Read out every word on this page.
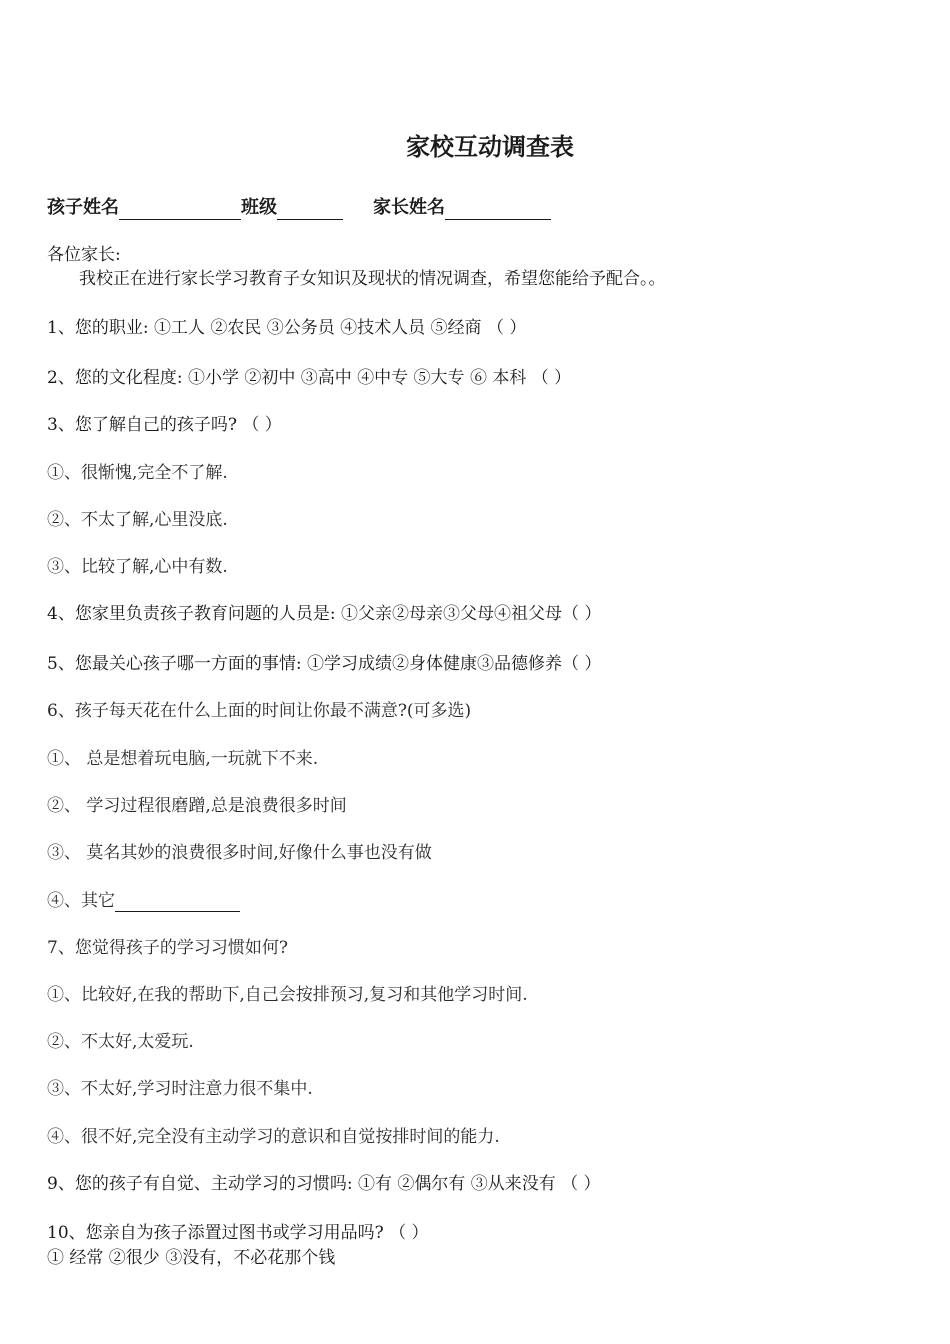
家校互动调查表
孩子姓名	班级	家长姓名
各位家长:
我校正在进行家长学习教育子女知识及现状的情况调查，希望您能给予配合。。
1、您的职业: ①工人 ②农民 ③公务员 ④技术人员 ⑤经商 （ ）
2、您的文化程度: ①小学 ②初中 ③高中 ④中专 ⑤大专 ⑥ 本科 （ ）
3、您了解自己的孩子吗? （ ）
①、很惭愧,完全不了解.
②、不太了解,心里没底.
③、比较了解,心中有数.
4、您家里负责孩子教育问题的人员是: ①父亲②母亲③父母④祖父母（ ）
5、您最关心孩子哪一方面的事情: ①学习成绩②身体健康③品德修养（ ）
6、孩子每天花在什么上面的时间让你最不满意?(可多选)
①、 总是想着玩电脑,一玩就下不来.
②、 学习过程很磨蹭,总是浪费很多时间
③、 莫名其妙的浪费很多时间,好像什么事也没有做
④、其它
7、您觉得孩子的学习习惯如何?
①、比较好,在我的帮助下,自己会按排预习,复习和其他学习时间.
②、不太好,太爱玩.
③、不太好,学习时注意力很不集中.
④、很不好,完全没有主动学习的意识和自觉按排时间的能力.
9、您的孩子有自觉、主动学习的习惯吗: ①有 ②偶尔有 ③从来没有 （ ）
10、您亲自为孩子添置过图书或学习用品吗? （ ）
① 经常 ②很少 ③没有，不必花那个钱
